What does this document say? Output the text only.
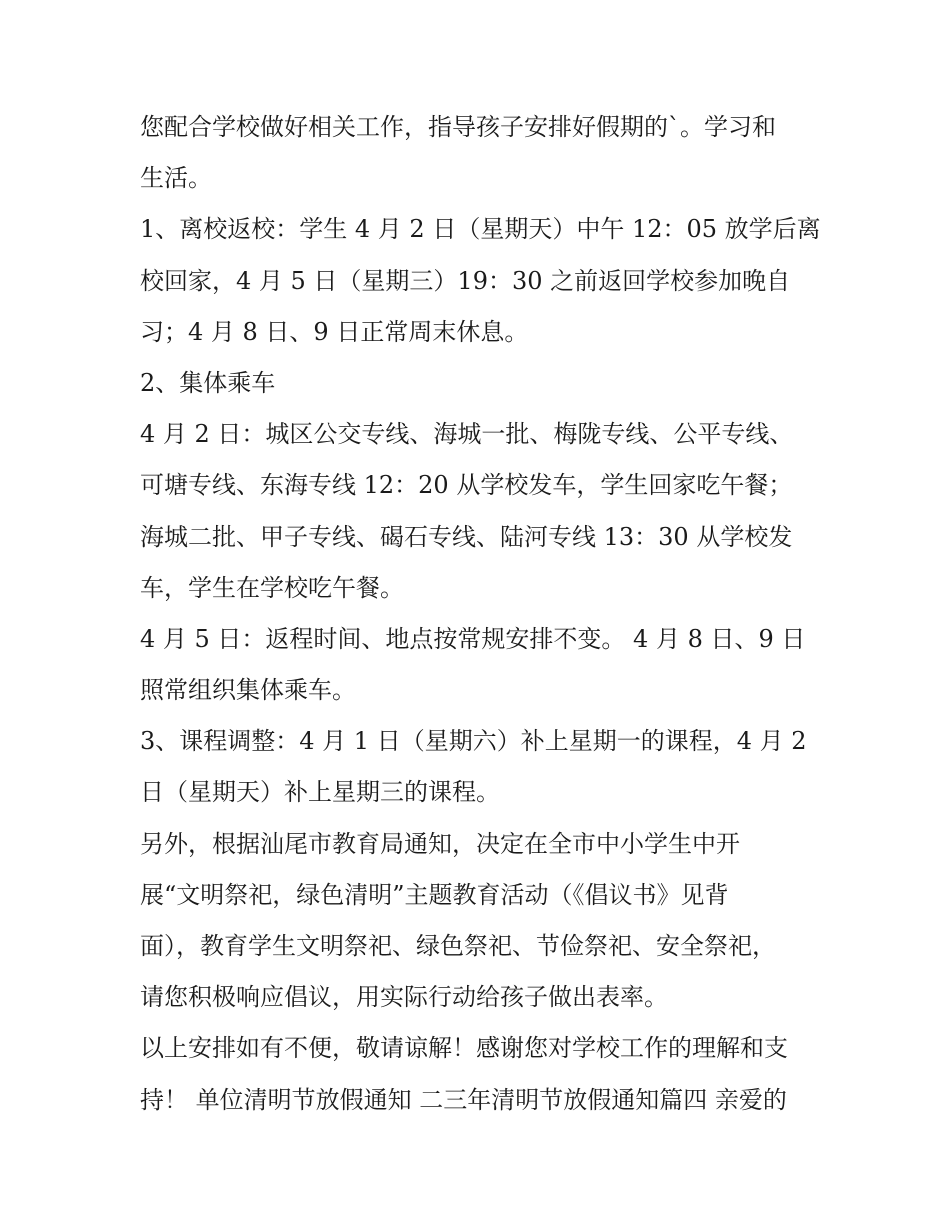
您配合学校做好相关工作，指导孩子安排好假期的`。学习和
生活。
1、离校返校：学生 4 月 2 日（星期天）中午 12：05 放学后离
校回家，4 月 5 日（星期三）19：30 之前返回学校参加晚自
习；4 月 8 日、9 日正常周末休息。
2、集体乘车
4 月 2 日：城区公交专线、海城一批、梅陇专线、公平专线、
可塘专线、东海专线 12：20 从学校发车，学生回家吃午餐；
海城二批、甲子专线、碣石专线、陆河专线 13：30 从学校发
车，学生在学校吃午餐。
4 月 5 日：返程时间、地点按常规安排不变。 4 月 8 日、9 日
照常组织集体乘车。
3、课程调整：4 月 1 日（星期六）补上星期一的课程，4 月 2
日（星期天）补上星期三的课程。
另外，根据汕尾市教育局通知，决定在全市中小学生中开
展“文明祭祀，绿色清明”主题教育活动（《倡议书》见背
面），教育学生文明祭祀、绿色祭祀、节俭祭祀、安全祭祀，
请您积极响应倡议，用实际行动给孩子做出表率。
以上安排如有不便，敬请谅解！感谢您对学校工作的理解和支
持！ 单位清明节放假通知 二三年清明节放假通知篇四 亲爱的
